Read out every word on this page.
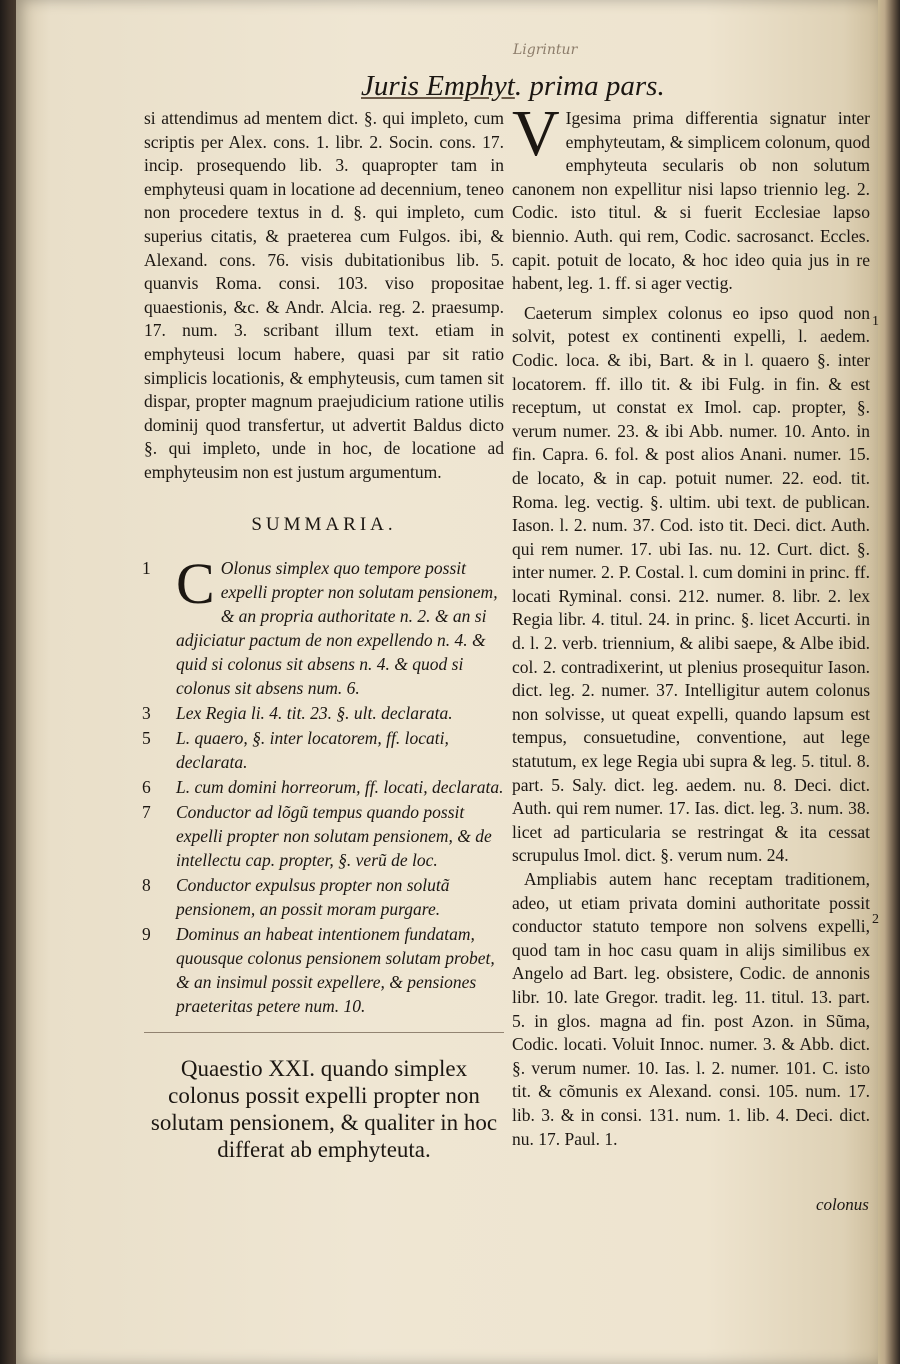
Ligrintur
Juris Emphyt. prima pars.

si attendimus ad mentem dict. §. qui impleto, cum scriptis per Alex. cons. 1. libr. 2. Socin. cons. 17. incip. prosequendo lib. 3. quapropter tam in emphyteusi quam in locatione ad decennium, teneo non procedere textus in d. §. qui impleto, cum superius citatis, & praeterea cum Fulgos. ibi, & Alexand. cons. 76. visis dubitationibus lib. 5. quanvis Roma. consi. 103. viso propositae quaestionis, &c. & Andr. Alcia. reg. 2. praesump. 17. num. 3. scribant illum text. etiam in emphyteusi locum habere, quasi par sit ratio simplicis locationis, & emphyteusis, cum tamen sit dispar, propter magnum praejudicium ratione utilis dominij quod transfertur, ut advertit Baldus dicto §. qui impleto, unde in hoc, de locatione ad emphyteusim non est justum argumentum.

SUMMARIA.

1 C Olonus simplex quo tempore possit expelli propter non solutam pensionem, & an propria authoritate n. 2. & an si adjiciatur pactum de non expellendo n. 4. & quid si colonus sit absens n. 4. & quod si colonus sit absens num. 6.
3	Lex Regia li. 4. tit. 23. §. ult. declarata.
5	L. quaero, §. inter locatorem, ff. locati, declarata.
6	L. cum domini horreorum, ff. locati, declarata.
7	Conductor ad lõgũ tempus quando possit expelli propter non solutam pensionem, & de intellectu cap. propter, §. verũ de loc.
8	Conductor expulsus propter non solutã pensionem, an possit moram purgare.
9	Dominus an habeat intentionem fundatam, quousque colonus pensionem solutam probet, & an insimul possit expellere, & pensiones praeteritas petere num. 10.

Quaestio XXI. quando simplex colonus possit expelli propter non solutam pensionem, & qualiter in hoc differat ab emphyteuta.

V Igesima prima differentia signatur inter emphyteutam, & simplicem colonum, quod emphyteuta secularis ob non solutum canonem non expellitur nisi lapso triennio leg. 2. Codic. isto titul. & si fuerit Ecclesiae lapso biennio. Auth. qui rem, Codic. sacrosanct. Eccles. capit. potuit de locato, & hoc ideo quia jus in re habent, leg. 1. ff. si ager vectig.

Caeterum simplex colonus eo ipso quod non solvit, potest ex continenti expelli, l. aedem. Codic. loca. & ibi, Bart. & in l. quaero §. inter locatorem. ff. illo tit. & ibi Fulg. in fin. & est receptum, ut constat ex Imol. cap. propter, §. verum numer. 23. & ibi Abb. numer. 10. Anto. in fin. Capra. 6. fol. & post alios Anani. numer. 15. de locato, & in cap. potuit numer. 22. eod. tit. Roma. leg. vectig. §. ultim. ubi text. de publican. Iason. l. 2. num. 37. Cod. isto tit. Deci. dict. Auth. qui rem numer. 17. ubi Ias. nu. 12. Curt. dict. §. inter numer. 2. P. Costal. l. cum domini in princ. ff. locati Ryminal. consi. 212. numer. 8. libr. 2. lex Regia libr. 4. titul. 24. in princ. §. licet Accurti. in d. l. 2. verb. triennium, & alibi saepe, & Albe ibid. col. 2. contradixerint, ut plenius prosequitur Iason. dict. leg. 2. numer. 37. Intelligitur autem colonus non solvisse, ut queat expelli, quando lapsum est tempus, consuetudine, conventione, aut lege statutum, ex lege Regia ubi supra & leg. 5. titul. 8. part. 5. Saly. dict. leg. aedem. nu. 8. Deci. dict. Auth. qui rem numer. 17. Ias. dict. leg. 3. num. 38. licet ad particularia se restringat & ita cessat scrupulus Imol. dict. §. verum num. 24.

Ampliabis autem hanc receptam traditionem, adeo, ut etiam privata domini authoritate possit conductor statuto tempore non solvens expelli, quod tam in hoc casu quam in alijs similibus ex Angelo ad Bart. leg. obsistere, Codic. de annonis libr. 10. late Gregor. tradit. leg. 11. titul. 13. part. 5. in glos. magna ad fin. post Azon. in Sũma, Codic. locati. Voluit Innoc. numer. 3. & Abb. dict. §. verum numer. 10. Ias. l. 2. numer. 101. C. isto tit. & cõmunis ex Alexand. consi. 105. num. 17. lib. 3. & in consi. 131. num. 1. lib. 4. Deci. dict. nu. 17. Paul. 1.

1
2
colonus
